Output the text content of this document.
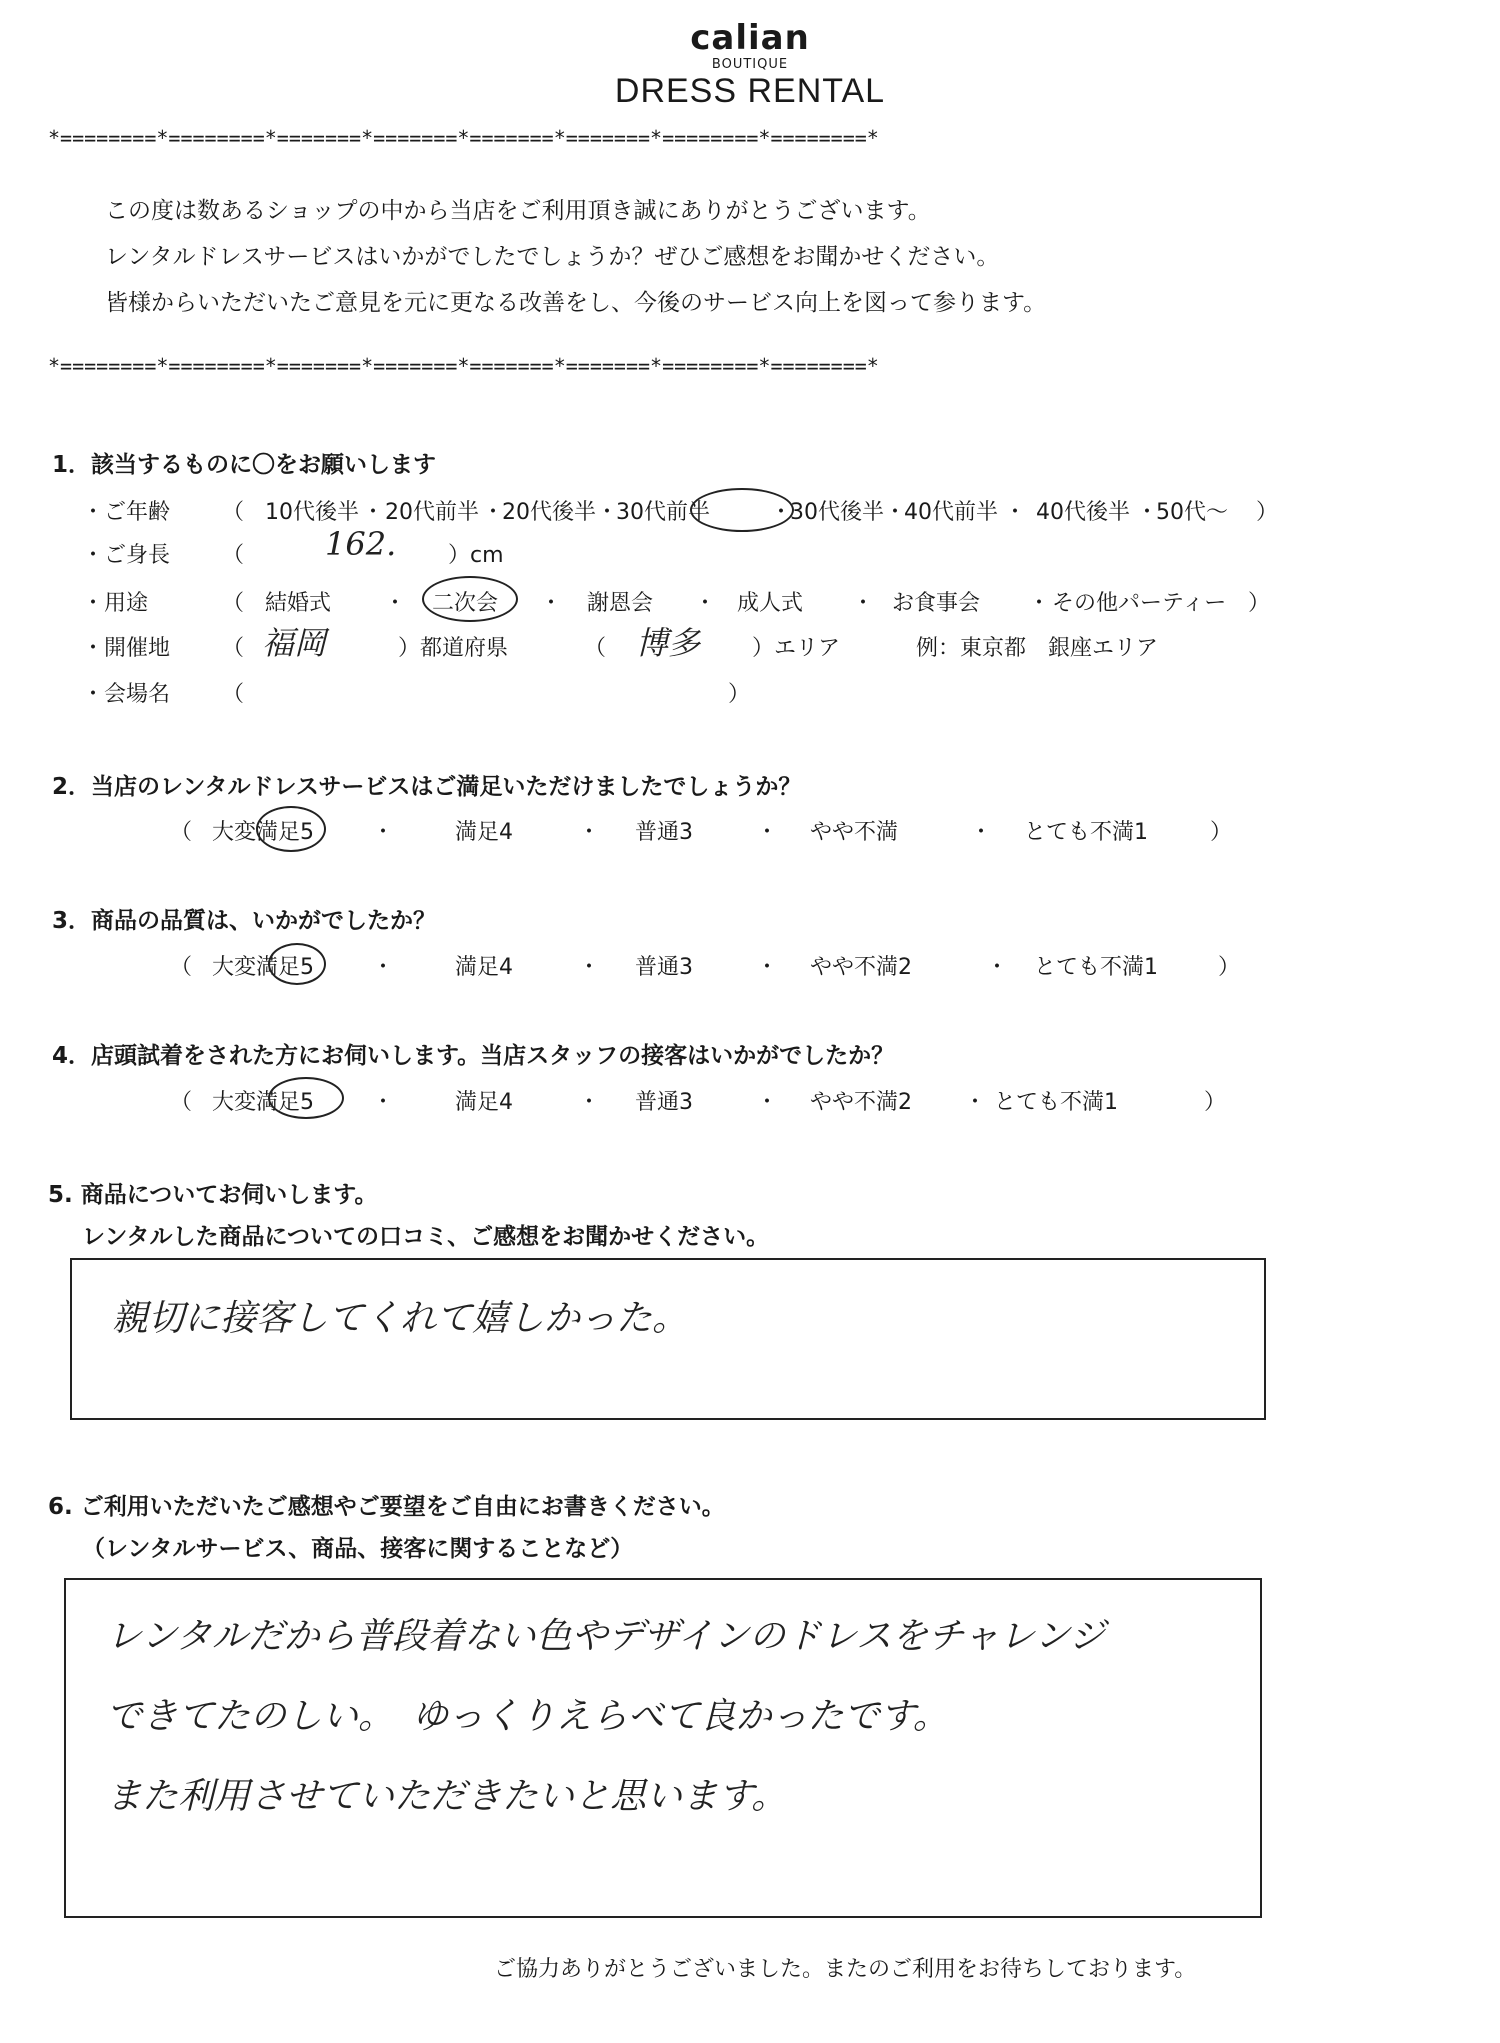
calian
BOUTIQUE
DRESS RENTAL
*========*========*=======*=======*=======*=======*========*========*
この度は数あるショップの中から当店をご利用頂き誠にありがとうございます。
レンタルドレスサービスはいかがでしたでしょうか？ぜひご感想をお聞かせください。
皆様からいただいたご意見を元に更なる改善をし、今後のサービス向上を図って参ります。
*========*========*=======*=======*=======*=======*========*========*
1．該当するものに〇をお願いします
・ご年齢 （ 10代後半 ・ 20代前半 ・
20代後半 ・
30代前半	・
30代後半 ・
40代前半 ・ 40代後半 ・
50代～ ）
・ご身長 （	162. ）cm
・用途	（ 結婚式 ・ 二次会 ・ 謝恩会 ・ 成人式 ・ お食事会 ・ その他パーティー ）
・開催地 （ 福岡	）都道府県	（ 博多 ）エリア	例：東京都　銀座エリア
・会場名 （	）
2．当店のレンタルドレスサービスはご満足いただけましたでしょうか？
（ 大変満足5	・	満足4	・ 普通3	・ やや不満	・ とても不満1	）
3．商品の品質は、いかがでしたか？
（ 大変満足5	・	満足4	・ 普通3	・ やや不満2	・ とても不満1	）
4．店頭試着をされた方にお伺いします。当店スタッフの接客はいかがでしたか？
（ 大変満足5	・	満足4	・ 普通3	・ やや不満2 ・ とても不満1	）
5. 商品についてお伺いします。
レンタルした商品についての口コミ、ご感想をお聞かせください。
親切に接客してくれて嬉しかった。
6. ご利用いただいたご感想やご要望をご自由にお書きください。
（レンタルサービス、商品、接客に関することなど）
レンタルだから普段着ない色やデザインのドレスをチャレンジ
できてたのしい。　ゆっくりえらべて良かったです。
また利用させていただきたいと思います。
ご協力ありがとうございました。またのご利用をお待ちしております。
